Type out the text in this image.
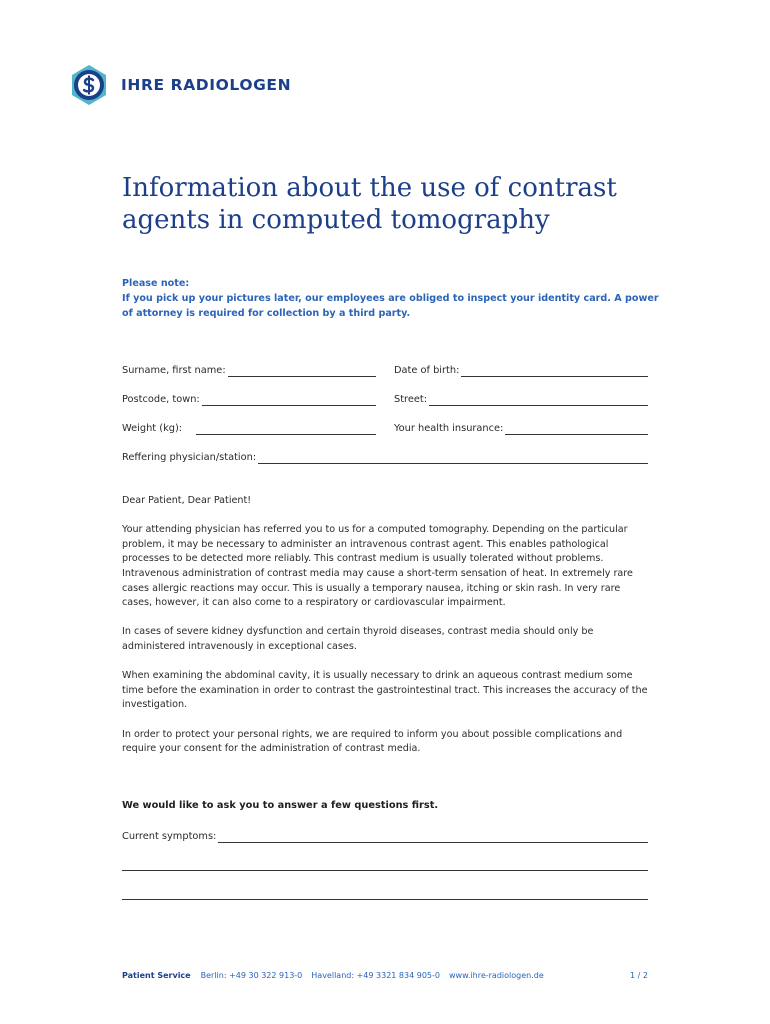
IHRE RADIOLOGEN
Information about the use of contrast agents in computed tomography

Please note:

If you pick up your pictures later, our employees are obliged to inspect your identity card. A power of attorney is required for collection by a third party.

Surname, first name:	Date of birth:
Postcode, town:	Street:
Weight (kg):	Your health insurance:
Reffering physician/station:

Dear Patient, Dear Patient!

Your attending physician has referred you to us for a computed tomography. Depending on the particular problem, it may be necessary to administer an intravenous contrast agent. This enables pathological processes to be detected more reliably. This contrast medium is usually tolerated without problems. Intravenous administration of contrast media may cause a short-term sensation of heat. In extremely rare cases allergic reactions may occur. This is usually a temporary nausea, itching or skin rash. In very rare cases, however, it can also come to a respiratory or cardiovascular impairment.

In cases of severe kidney dysfunction and certain thyroid diseases, contrast media should only be administered intravenously in exceptional cases.

When examining the abdominal cavity, it is usually necessary to drink an aqueous contrast medium some time before the examination in order to contrast the gastrointestinal tract. This increases the accuracy of the investigation.

In order to protect your personal rights, we are required to inform you about possible complications and require your consent for the administration of contrast media.

We would like to ask you to answer a few questions first.
Current symptoms:
Patient Service Berlin: +49 30 322 913-0 Havelland: +49 3321 834 905-0 www.ihre-radiologen.de	1 / 2
